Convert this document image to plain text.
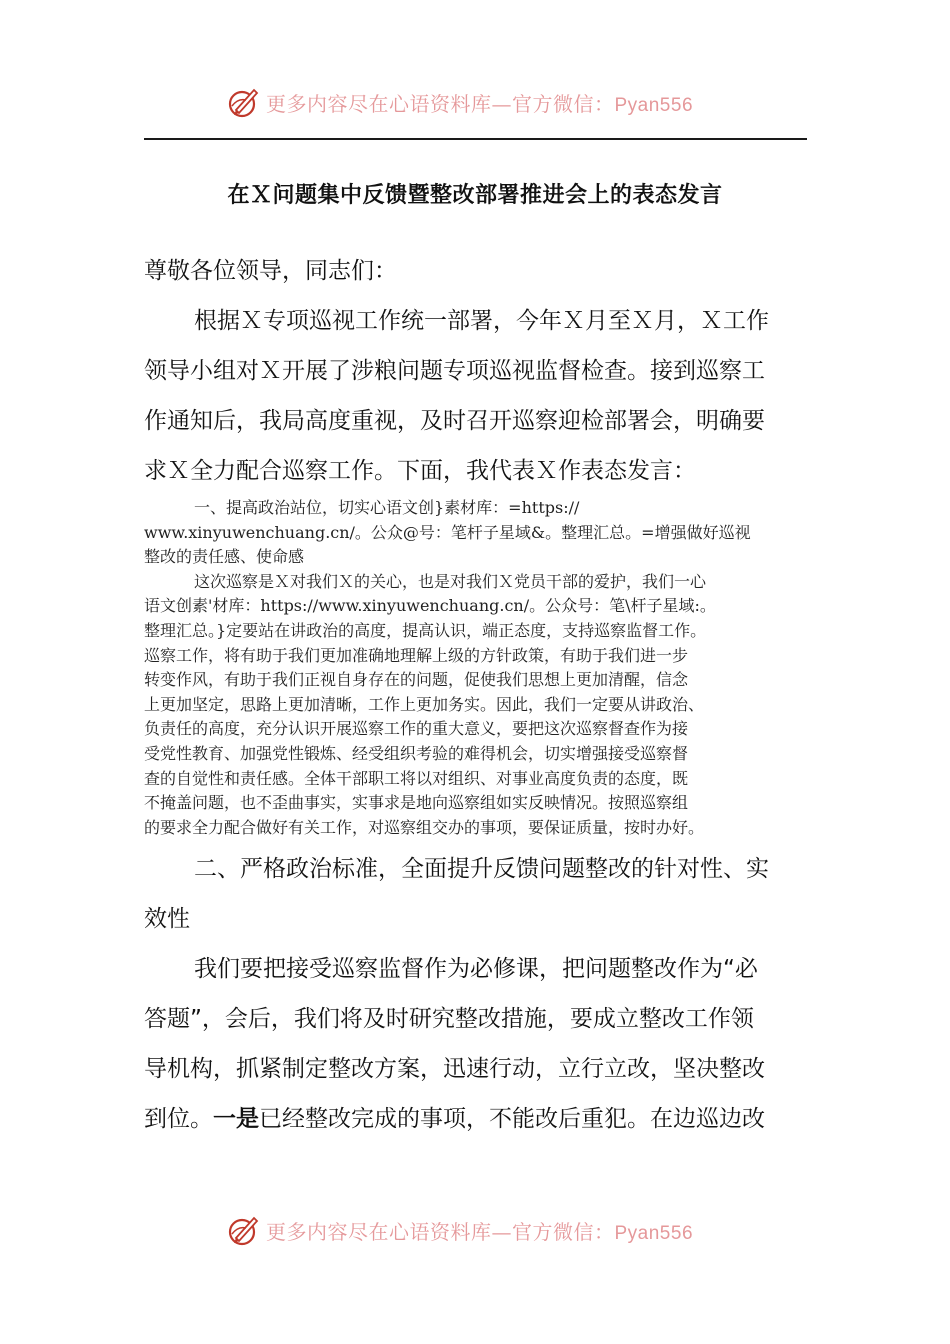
更多内容尽在心语资料库—官方微信：Pyan556
在Ｘ问题集中反馈暨整改部署推进会上的表态发言
尊敬各位领导，同志们：
根据Ｘ专项巡视工作统一部署，今年Ｘ月至Ｘ月，Ｘ工作
领导小组对Ｘ开展了涉粮问题专项巡视监督检查。接到巡察工
作通知后，我局高度重视，及时召开巡察迎检部署会，明确要
求Ｘ全力配合巡察工作。下面，我代表Ｘ作表态发言：
一、提高政治站位，切实心语文创}素材库：=https://
www.xinyuwenchuang.cn/。公众@号：笔杆子星域&。整理汇总。=增强做好巡视
整改的责任感、使命感
这次巡察是Ｘ对我们Ｘ的关心，也是对我们Ｘ党员干部的爱护，我们一心
语文创素'材库：https://www.xinyuwenchuang.cn/。公众号：笔\杆子星域:。
整理汇总。}定要站在讲政治的高度，提高认识，端正态度，支持巡察监督工作。
巡察工作，将有助于我们更加准确地理解上级的方针政策，有助于我们进一步
转变作风，有助于我们正视自身存在的问题，促使我们思想上更加清醒，信念
上更加坚定，思路上更加清晰，工作上更加务实。因此，我们一定要从讲政治、
负责任的高度，充分认识开展巡察工作的重大意义，要把这次巡察督查作为接
受党性教育、加强党性锻炼、经受组织考验的难得机会，切实增强接受巡察督
查的自觉性和责任感。全体干部职工将以对组织、对事业高度负责的态度，既
不掩盖问题，也不歪曲事实，实事求是地向巡察组如实反映情况。按照巡察组
的要求全力配合做好有关工作，对巡察组交办的事项，要保证质量，按时办好。
二、严格政治标准，全面提升反馈问题整改的针对性、实
效性
我们要把接受巡察监督作为必修课，把问题整改作为“必
答题”，会后，我们将及时研究整改措施，要成立整改工作领
导机构，抓紧制定整改方案，迅速行动，立行立改，坚决整改
到位。一是已经整改完成的事项，不能改后重犯。在边巡边改
更多内容尽在心语资料库—官方微信：Pyan556
